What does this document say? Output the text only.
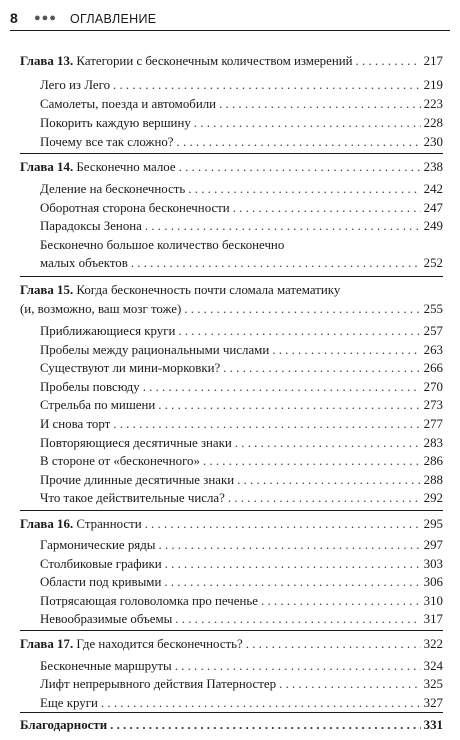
8 ●●● ОГЛАВЛЕНИЕ
Глава 13. Категории с бесконечным количеством измерений . . .	217
Лего из Лего . . .	219
Самолеты, поезда и автомобили . . .	223
Покорить каждую вершину . . .	228
Почему все так сложно? . . .	230
Глава 14. Бесконечно малое . . .	238
Деление на бесконечность . . .	242
Оборотная сторона бесконечности . . .	247
Парадоксы Зенона . . .	249
Бесконечно большое количество бесконечно
малых объектов . . .	252
Глава 15. Когда бесконечность почти сломала математику
(и, возможно, ваш мозг тоже) . . .	255
Приближающиеся круги . . .	257
Пробелы между рациональными числами . . .	263
Существуют ли мини-морковки? . . .	266
Пробелы повсюду . . .	270
Стрельба по мишени . . .	273
И снова торт . . .	277
Повторяющиеся десятичные знаки . . .	283
В стороне от «бесконечного» . . .	286
Прочие длинные десятичные знаки . . .	288
Что такое действительные числа? . . .	292
Глава 16. Странности . . .	295
Гармонические ряды . . .	297
Столбиковые графики . . .	303
Области под кривыми . . .	306
Потрясающая головоломка про печенье . . .	310
Невообразимые объемы . . .	317
Глава 17. Где находится бесконечность? . . .	322
Бесконечные маршруты . . .	324
Лифт непрерывного действия Патерностер . . .	325
Еще круги . . .	327
Благодарности . . .	331
